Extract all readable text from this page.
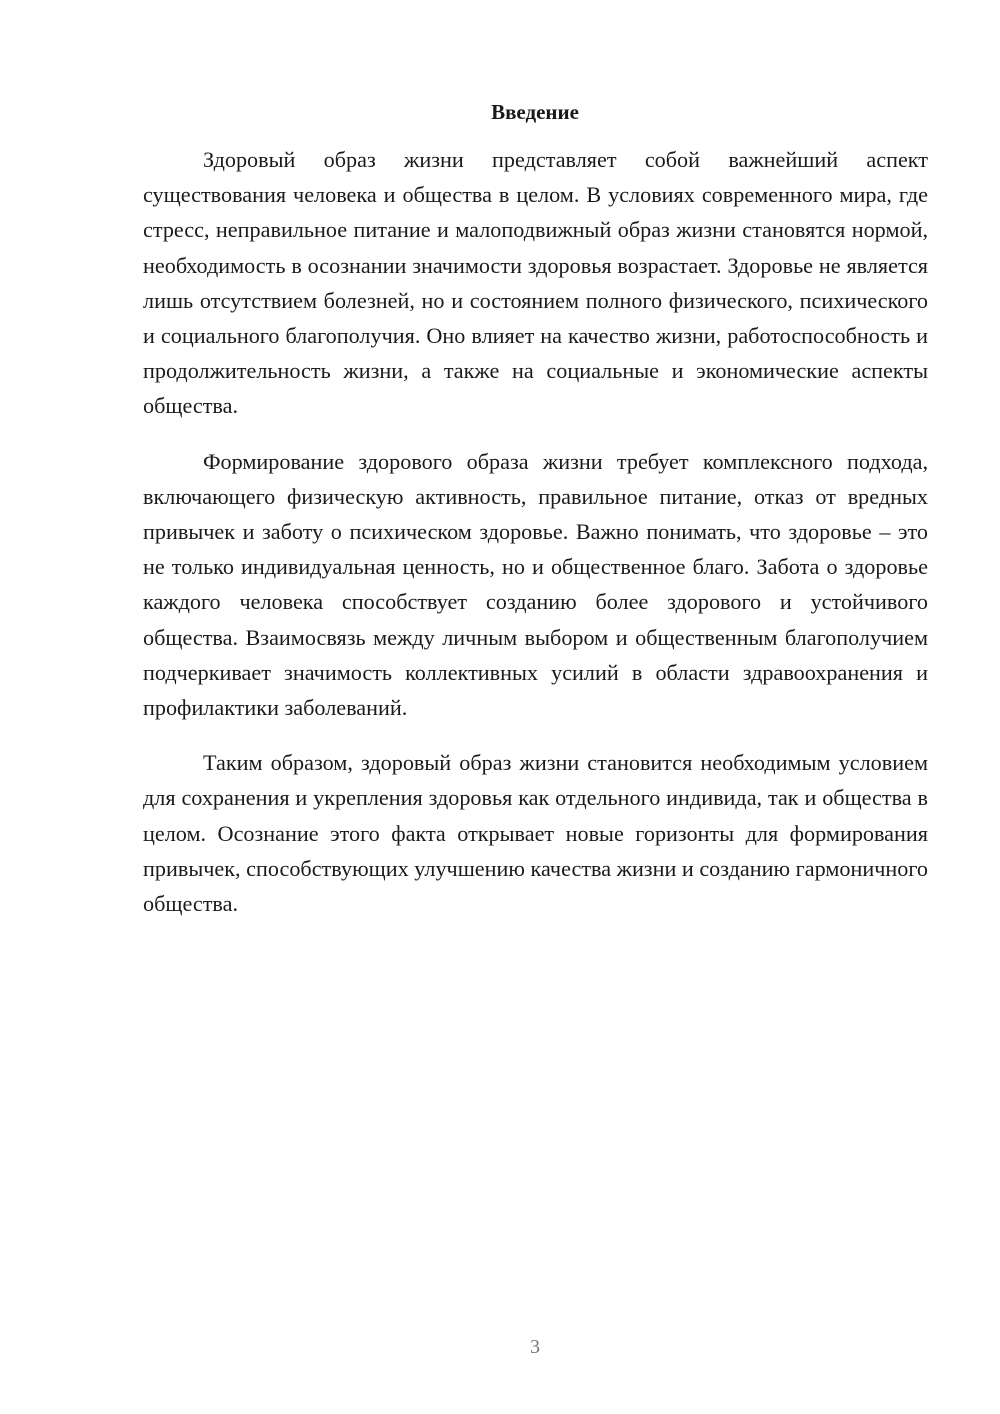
Введение

Здоровый образ жизни представляет собой важнейший аспект существования человека и общества в целом. В условиях современного мира, где стресс, неправильное питание и малоподвижный образ жизни становятся нормой, необходимость в осознании значимости здоровья возрастает. Здоровье не является лишь отсутствием болезней, но и состоянием полного физического, психического и социального благополучия. Оно влияет на качество жизни, работоспособность и продолжительность жизни, а также на социальные и экономические аспекты общества.

Формирование здорового образа жизни требует комплексного подхода, включающего физическую активность, правильное питание, отказ от вредных привычек и заботу о психическом здоровье. Важно понимать, что здоровье – это не только индивидуальная ценность, но и общественное благо. Забота о здоровье каждого человека способствует созданию более здорового и устойчивого общества. Взаимосвязь между личным выбором и общественным благополучием подчеркивает значимость коллективных усилий в области здравоохранения и профилактики заболеваний.

Таким образом, здоровый образ жизни становится необходимым условием для сохранения и укрепления здоровья как отдельного индивида, так и общества в целом. Осознание этого факта открывает новые горизонты для формирования привычек, способствующих улучшению качества жизни и созданию гармоничного общества.

3
